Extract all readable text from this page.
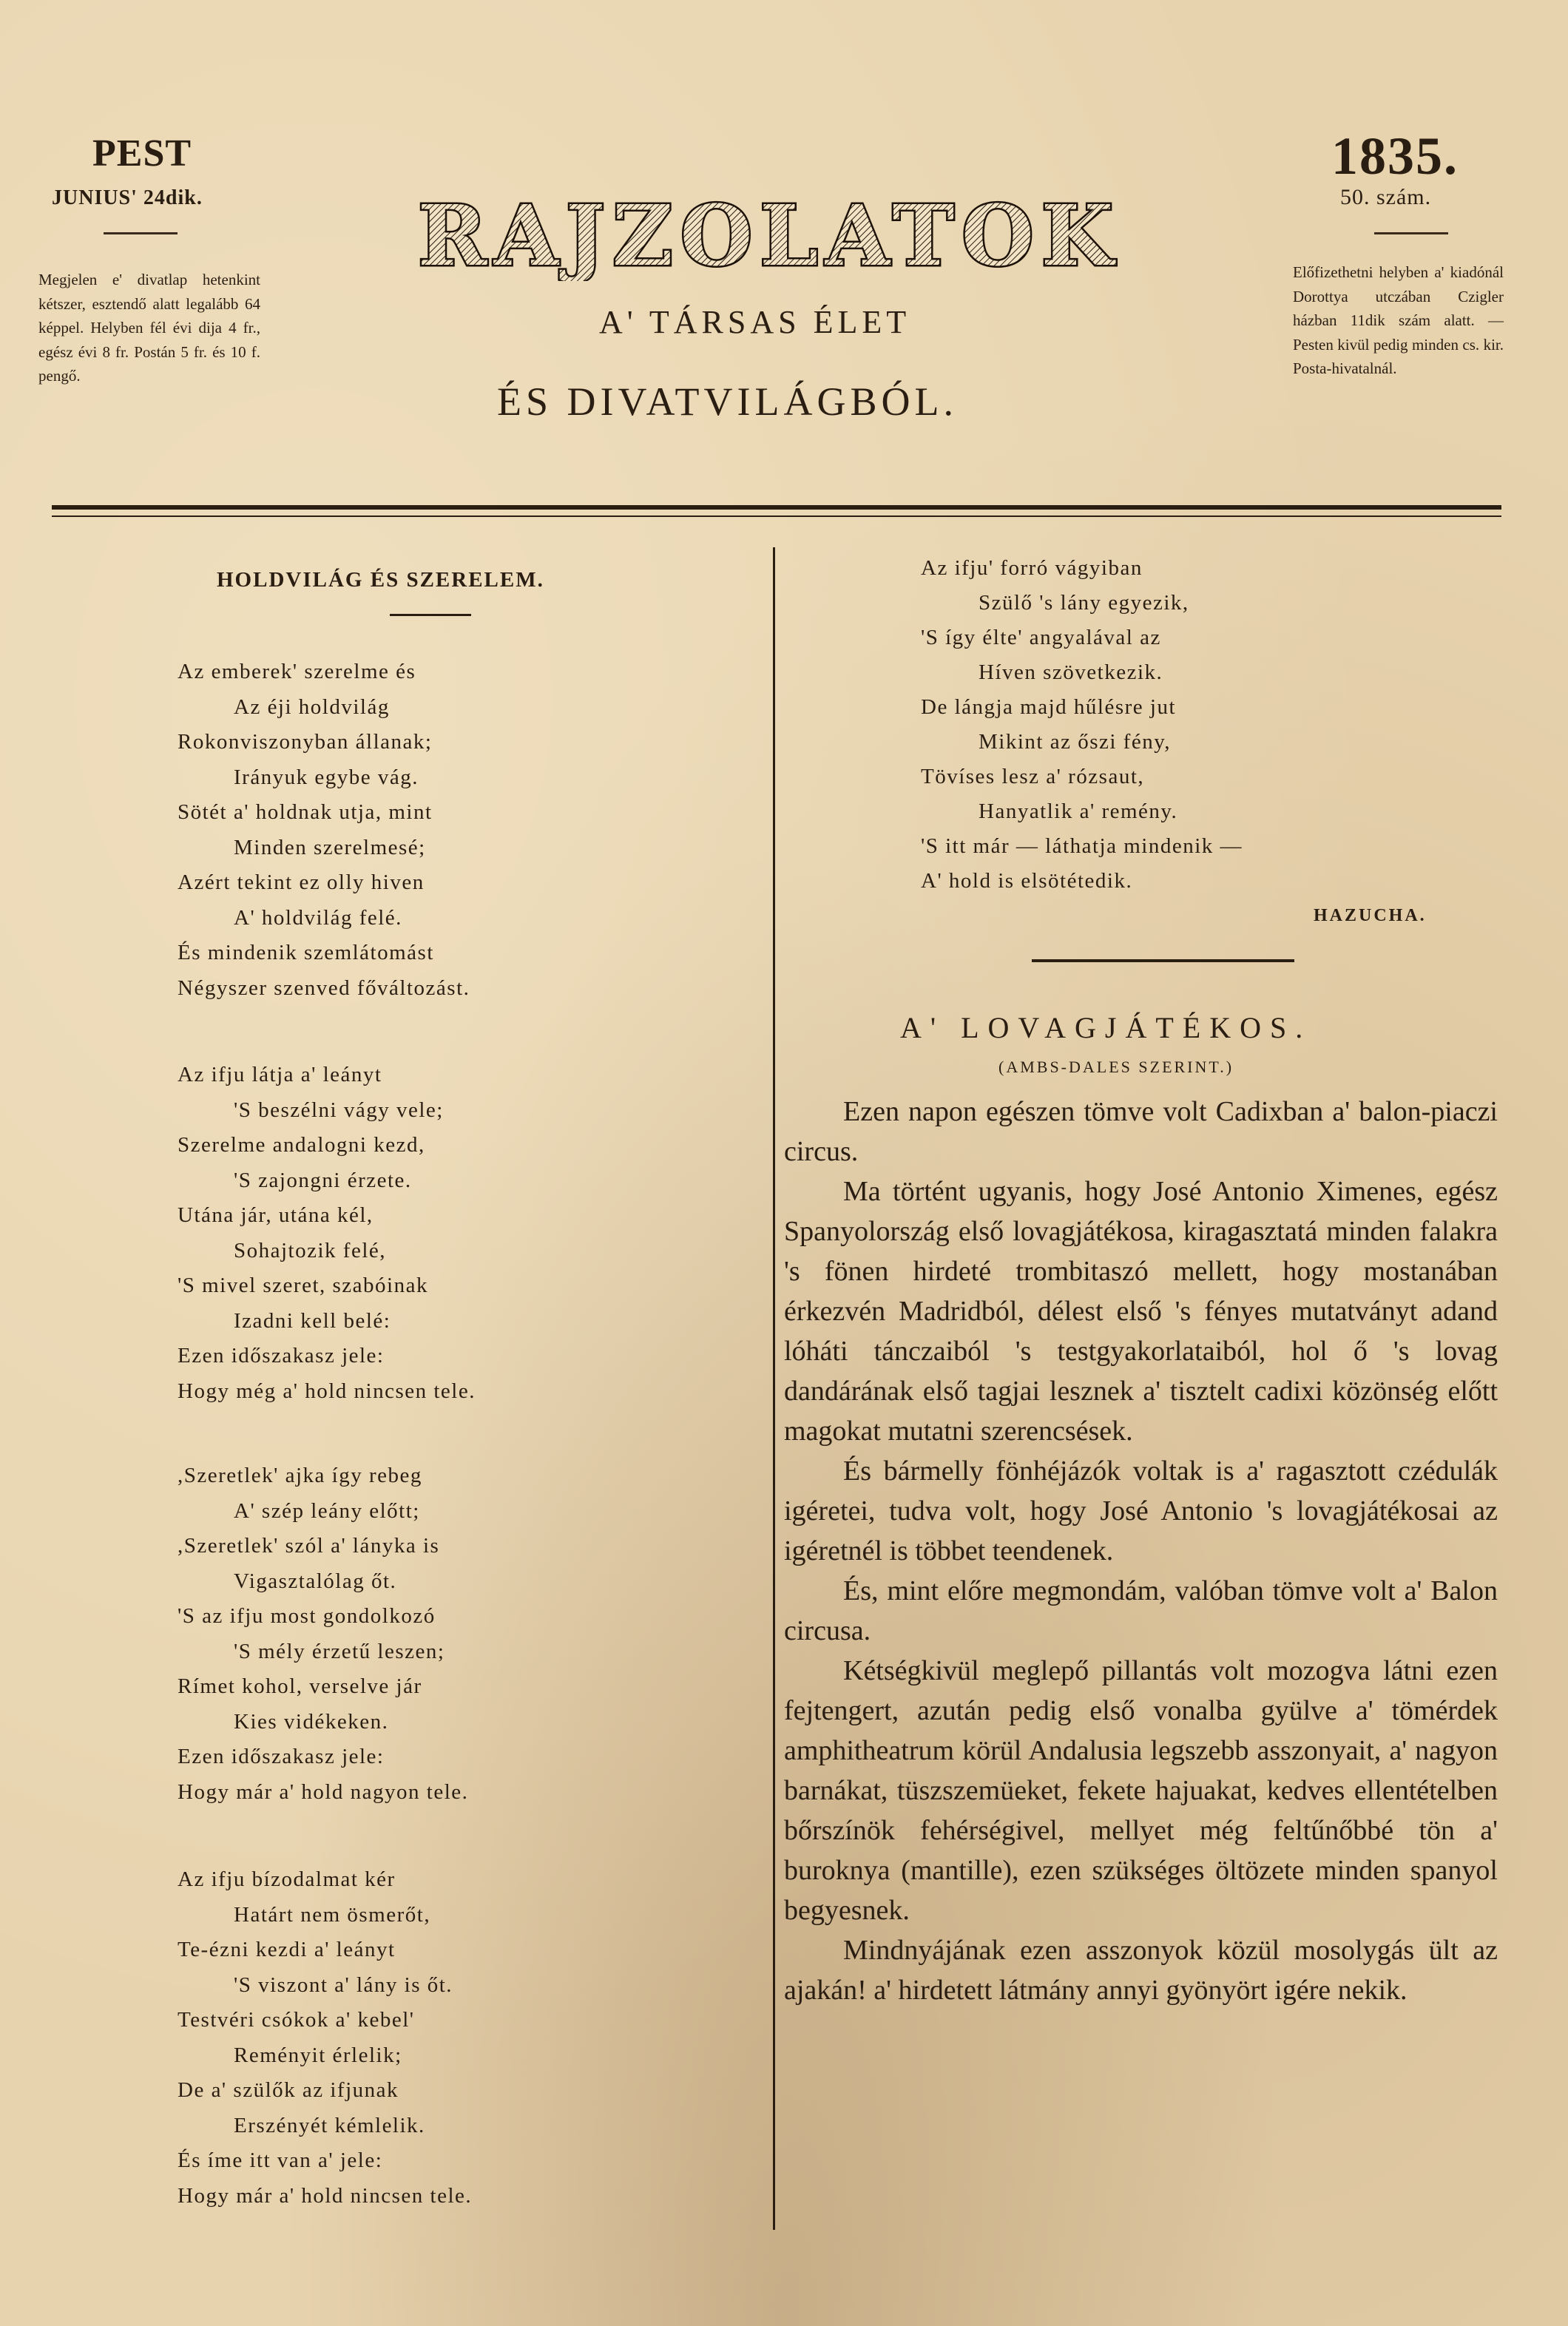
PEST
JUNIUS' 24dik.
Megjelen e' divatlap hetenkint kétszer, esztendő alatt legalább 64 képpel. Helyben fél évi dija 4 fr., egész évi 8 fr. Postán 5 fr. és 10 f. pengő.
RAJZOLATOK
A' TÁRSAS ÉLET
ÉS DIVATVILÁGBÓL.
1835.
50. szám.
Előfizethetni helyben a' kiadónál Dorottya utczában Czigler házban 11dik szám alatt. — Pesten kivül pedig minden cs. kir. Posta-hivatalnál.
HOLDVILÁG ÉS SZERELEM.
Az emberek' szerelme és
Az éji holdvilág
Rokonviszonyban állanak;
Irányuk egybe vág.
Sötét a' holdnak utja, mint
Minden szerelmesé;
Azért tekint ez olly hiven
A' holdvilág felé.
És mindenik szemlátomást
Négyszer szenved főváltozást.
Az ifju látja a' leányt
'S beszélni vágy vele;
Szerelme andalogni kezd,
'S zajongni érzete.
Utána jár, utána kél,
Sohajtozik felé,
'S mivel szeret, szabóinak
Izadni kell belé:
Ezen időszakasz jele:
Hogy még a' hold nincsen tele.
,Szeretlek' ajka így rebeg
A' szép leány előtt;
,Szeretlek' szól a' lányka is
Vigasztalólag őt.
'S az ifju most gondolkozó
'S mély érzetű leszen;
Rímet kohol, verselve jár
Kies vidékeken.
Ezen időszakasz jele:
Hogy már a' hold nagyon tele.
Az ifju bízodalmat kér
Határt nem ösmerőt,
Te-ézni kezdi a' leányt
'S viszont a' lány is őt.
Testvéri csókok a' kebel'
Reményit érlelik;
De a' szülők az ifjunak
Erszényét kémlelik.
És íme itt van a' jele:
Hogy már a' hold nincsen tele.
Az ifju' forró vágyiban
Szülő 's lány egyezik,
'S így élte' angyalával az
Híven szövetkezik.
De lángja majd hűlésre jut
Mikint az őszi fény,
Tövíses lesz a' rózsaut,
Hanyatlik a' remény.
'S itt már — láthatja mindenik —
A' hold is elsötétedik.
HAZUCHA.
A' LOVAGJÁTÉKOS.
(AMBS-DALES SZERINT.)

Ezen napon egészen tömve volt Cadixban a' balon-piaczi circus.

Ma történt ugyanis, hogy José Antonio Ximenes, egész Spanyolország első lovagjátékosa, kiragasztatá minden falakra 's fönen hirdeté trombitaszó mellett, hogy mostanában érkezvén Madridból, délest első 's fényes mutatványt adand lóháti tánczaiból 's testgyakorlataiból, hol ő 's lovag dandárának első tagjai lesznek a' tisztelt cadixi közönség előtt magokat mutatni szerencsések.

És bármelly fönhéjázók voltak is a' ragasztott czédulák igéretei, tudva volt, hogy José Antonio 's lovagjátékosai az igéretnél is többet teendenek.

És, mint előre megmondám, valóban tömve volt a' Balon circusa.

Kétségkivül meglepő pillantás volt mozogva látni ezen fejtengert, azután pedig első vonalba gyülve a' tömérdek amphitheatrum körül Andalusia legszebb asszonyait, a' nagyon barnákat, tüszszemüeket, fekete hajuakat, kedves ellentételben bőrszínök fehérségivel, mellyet még feltűnőbbé tön a' buroknya (mantille), ezen szükséges öltözete minden spanyol begyesnek.

Mindnyájának ezen asszonyok közül mosolygás ült az ajakán! a' hirdetett látmány annyi gyönyört igére nekik.
